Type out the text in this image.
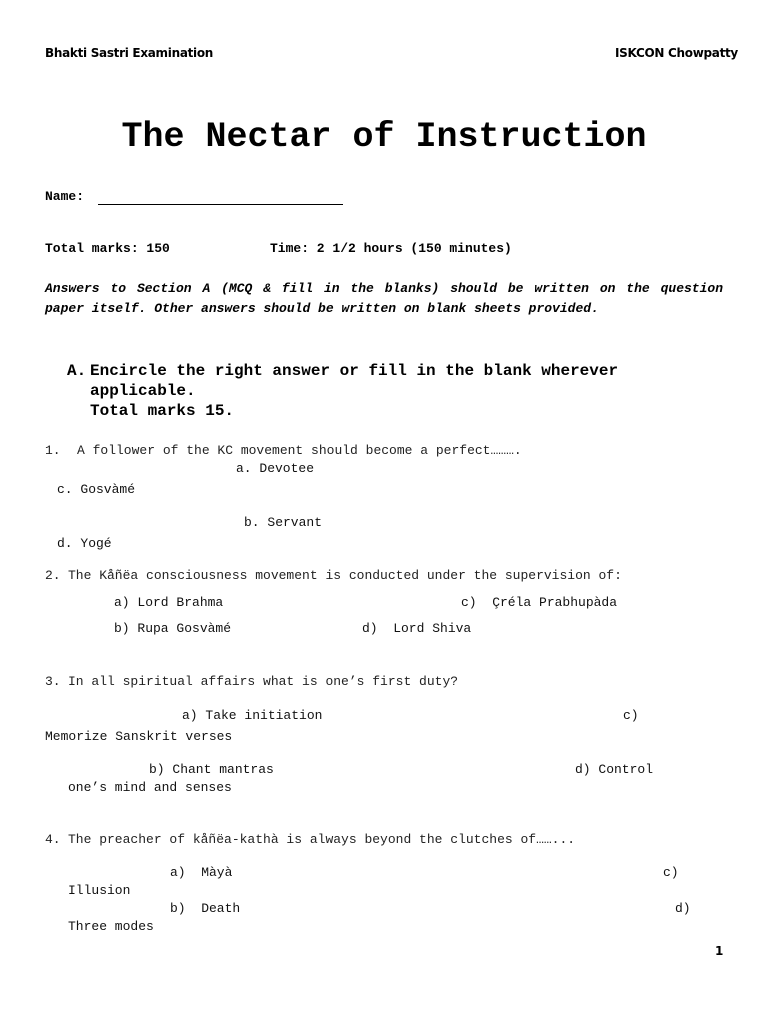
Bhakti Sastri Examination	ISKCON Chowpatty
The Nectar of Instruction
Name:
Total marks: 150	Time: 2 1/2 hours (150 minutes)
Answers to Section A (MCQ & fill in the blanks) should be written on the question paper itself. Other answers should be written on blank sheets provided.
A. Encircle the right answer or fill in the blank wherever
applicable.
Total marks 15.
1. A follower of the KC movement should become a perfect……….
a. Devotee
c. Gosvàmé
b. Servant
d. Yogé
2. The Kåñëa consciousness movement is conducted under the supervision of:
a) Lord Brahma	c)  Çréla Prabhupàda
b) Rupa Gosvàmé	d)  Lord Shiva
3. In all spiritual affairs what is one’s first duty?
a) Take initiation	c)
Memorize Sanskrit verses
b) Chant mantras	d) Control
one’s mind and senses
4. The preacher of kåñëa-kathà is always beyond the clutches of……...
a)  Màyà	c)
Illusion
b)  Death	d)
Three modes
1
